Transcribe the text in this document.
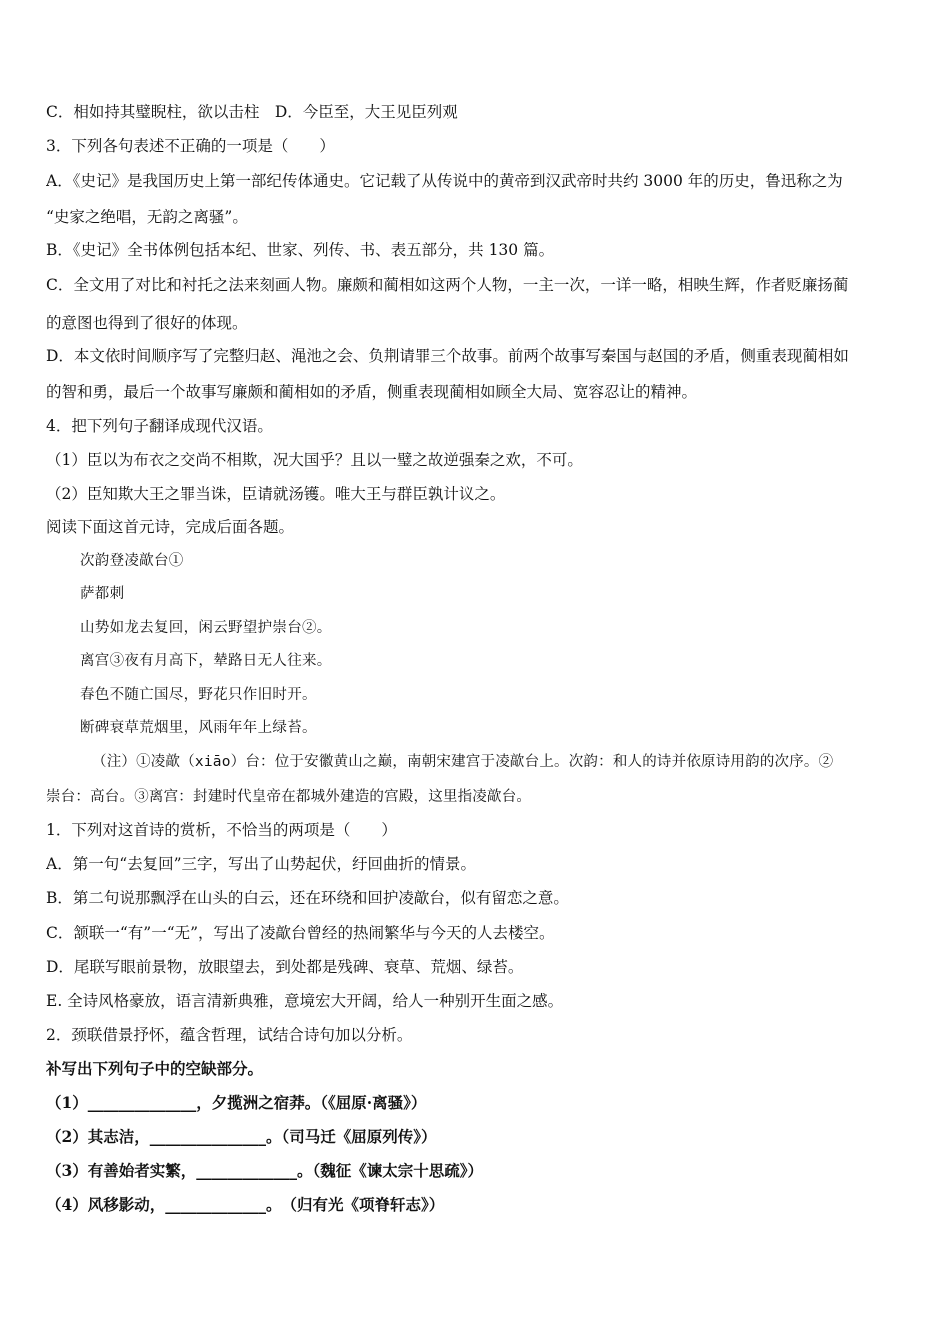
C．相如持其璧睨柱，欲以击柱　D．今臣至，大王见臣列观
3．下列各句表述不正确的一项是（　　）
A．《史记》是我国历史上第一部纪传体通史。它记载了从传说中的黄帝到汉武帝时共约 3000 年的历史，鲁迅称之为
“史家之绝唱，无韵之离骚”。
B．《史记》全书体例包括本纪、世家、列传、书、表五部分，共 130 篇。
C．全文用了对比和衬托之法来刻画人物。廉颇和蔺相如这两个人物，一主一次，一详一略，相映生辉，作者贬廉扬蔺
的意图也得到了很好的体现。
D．本文依时间顺序写了完整归赵、渑池之会、负荆请罪三个故事。前两个故事写秦国与赵国的矛盾，侧重表现蔺相如
的智和勇，最后一个故事写廉颇和蔺相如的矛盾，侧重表现蔺相如顾全大局、宽容忍让的精神。
4．把下列句子翻译成现代汉语。
（1）臣以为布衣之交尚不相欺，况大国乎？且以一璧之故逆强秦之欢，不可。
（2）臣知欺大王之罪当诛，臣请就汤镬。唯大王与群臣孰计议之。
阅读下面这首元诗，完成后面各题。
次韵登凌歊台①
萨都刺
山势如龙去复回，闲云野望护崇台②。
离宫③夜有月高下，辇路日无人往来。
春色不随亡国尽，野花只作旧时开。
断碑衰草荒烟里，风雨年年上绿苔。
（注）①凌歊（xiāo）台：位于安徽黄山之巅，南朝宋建宫于凌歊台上。次韵：和人的诗并依原诗用韵的次序。②
崇台：高台。③离宫：封建时代皇帝在都城外建造的宫殿，这里指凌歊台。
1．下列对这首诗的赏析，不恰当的两项是（　　）
A．第一句“去复回”三字，写出了山势起伏，纡回曲折的情景。
B．第二句说那飘浮在山头的白云，还在环绕和回护凌歊台，似有留恋之意。
C．颔联一“有”一“无”，写出了凌歊台曾经的热闹繁华与今天的人去楼空。
D．尾联写眼前景物，放眼望去，到处都是残碑、衰草、荒烟、绿苔。
E. 全诗风格豪放，语言清新典雅，意境宏大开阔，给人一种别开生面之感。
2．颈联借景抒怀，蕴含哲理，试结合诗句加以分析。
补写出下列句子中的空缺部分。
（1）______________，夕揽洲之宿莽。（《屈原·离骚》）
（2）其志洁，_______________。（司马迁《屈原列传》）
（3）有善始者实繁，_____________。（魏征《谏太宗十思疏》）
（4）风移影动，_____________。　（归有光《项脊轩志》）
